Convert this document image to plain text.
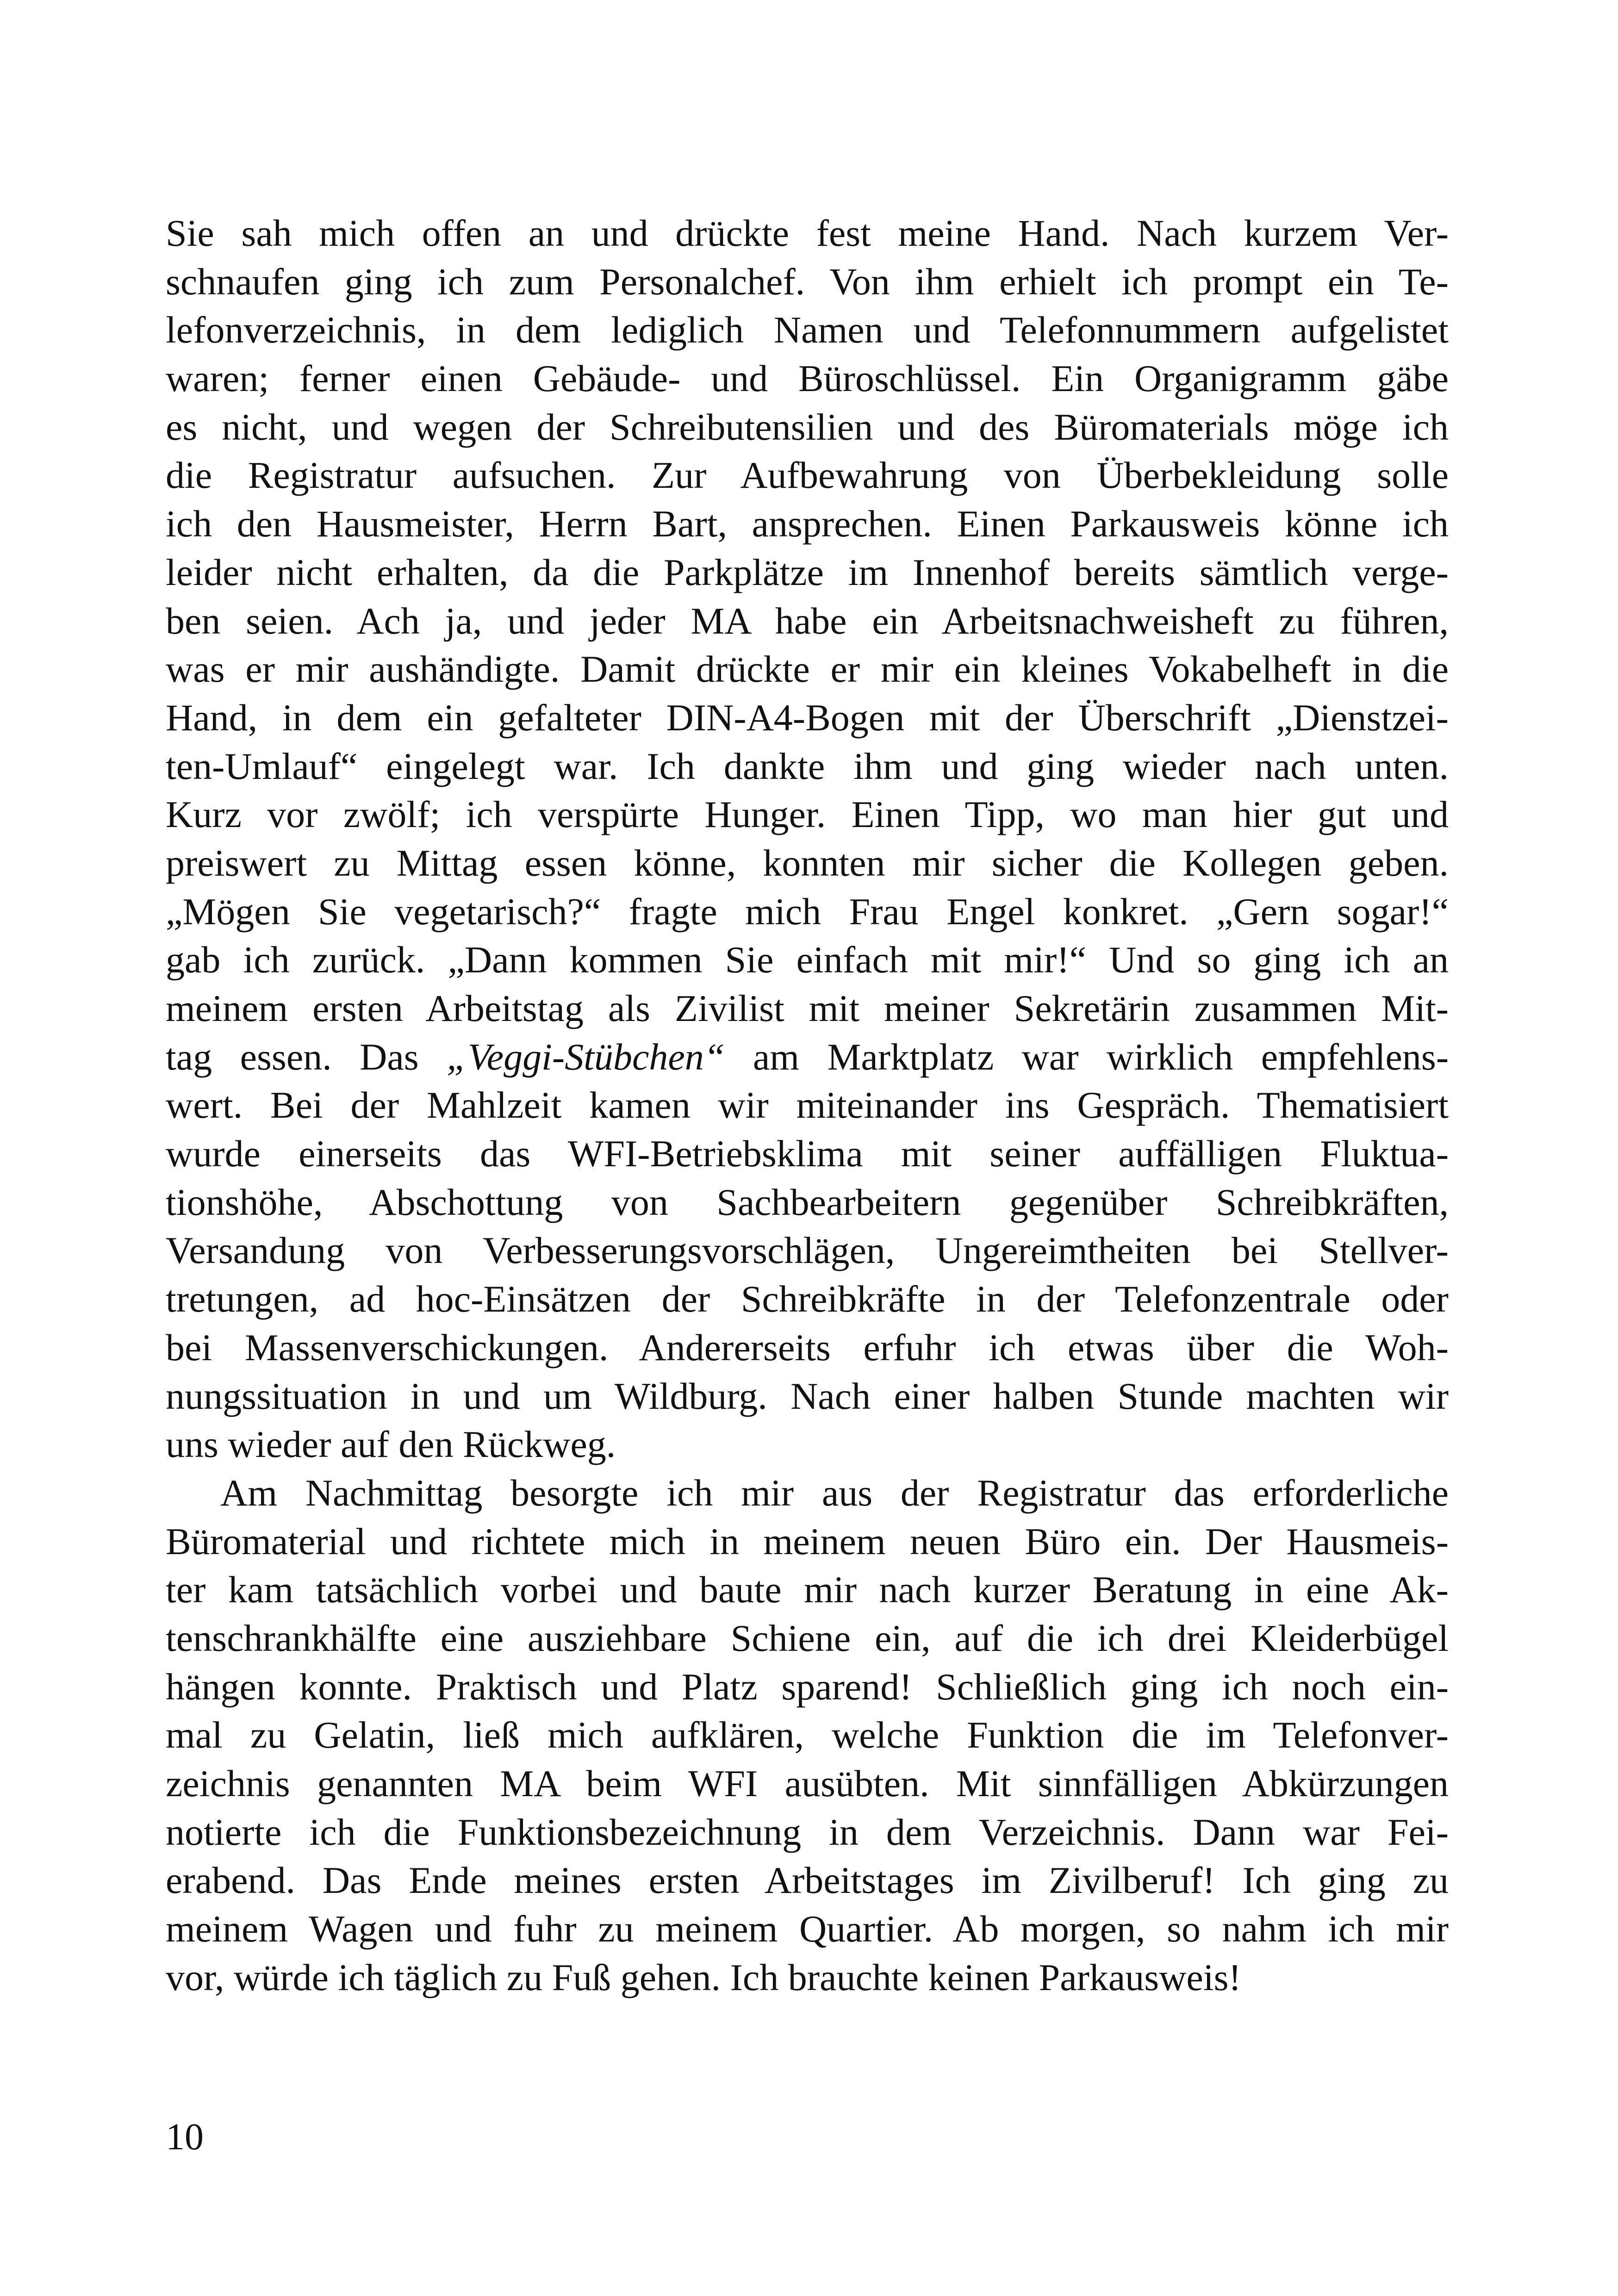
Sie sah mich offen an und drückte fest meine Hand. Nach kurzem Ver-
schnaufen ging ich zum Personalchef. Von ihm erhielt ich prompt ein Te-
lefonverzeichnis, in dem lediglich Namen und Telefonnummern aufgelistet
waren; ferner einen Gebäude- und Büroschlüssel. Ein Organigramm gäbe
es nicht, und wegen der Schreibutensilien und des Büromaterials möge ich
die Registratur aufsuchen. Zur Aufbewahrung von Überbekleidung solle
ich den Hausmeister, Herrn Bart, ansprechen. Einen Parkausweis könne ich
leider nicht erhalten, da die Parkplätze im Innenhof bereits sämtlich verge-
ben seien. Ach ja, und jeder MA habe ein Arbeitsnachweisheft zu führen,
was er mir aushändigte. Damit drückte er mir ein kleines Vokabelheft in die
Hand, in dem ein gefalteter DIN-A4-Bogen mit der Überschrift „Dienstzei-
ten-Umlauf“ eingelegt war. Ich dankte ihm und ging wieder nach unten.
Kurz vor zwölf; ich verspürte Hunger. Einen Tipp, wo man hier gut und
preiswert zu Mittag essen könne, konnten mir sicher die Kollegen geben.
„Mögen Sie vegetarisch?“ fragte mich Frau Engel konkret. „Gern sogar!“
gab ich zurück. „Dann kommen Sie einfach mit mir!“ Und so ging ich an
meinem ersten Arbeitstag als Zivilist mit meiner Sekretärin zusammen Mit-
tag essen. Das „Veggi-Stübchen“ am Marktplatz war wirklich empfehlens-
wert. Bei der Mahlzeit kamen wir miteinander ins Gespräch. Thematisiert
wurde einerseits das WFI-Betriebsklima mit seiner auffälligen Fluktua-
tionshöhe, Abschottung von Sachbearbeitern gegenüber Schreibkräften,
Versandung von Verbesserungsvorschlägen, Ungereimtheiten bei Stellver-
tretungen, ad hoc-Einsätzen der Schreibkräfte in der Telefonzentrale oder
bei Massenverschickungen. Andererseits erfuhr ich etwas über die Woh-
nungssituation in und um Wildburg. Nach einer halben Stunde machten wir
uns wieder auf den Rückweg.
Am Nachmittag besorgte ich mir aus der Registratur das erforderliche
Büromaterial und richtete mich in meinem neuen Büro ein. Der Hausmeis-
ter kam tatsächlich vorbei und baute mir nach kurzer Beratung in eine Ak-
tenschrankhälfte eine ausziehbare Schiene ein, auf die ich drei Kleiderbügel
hängen konnte. Praktisch und Platz sparend! Schließlich ging ich noch ein-
mal zu Gelatin, ließ mich aufklären, welche Funktion die im Telefonver-
zeichnis genannten MA beim WFI ausübten. Mit sinnfälligen Abkürzungen
notierte ich die Funktionsbezeichnung in dem Verzeichnis. Dann war Fei-
erabend. Das Ende meines ersten Arbeitstages im Zivilberuf! Ich ging zu
meinem Wagen und fuhr zu meinem Quartier. Ab morgen, so nahm ich mir
vor, würde ich täglich zu Fuß gehen. Ich brauchte keinen Parkausweis!
10
